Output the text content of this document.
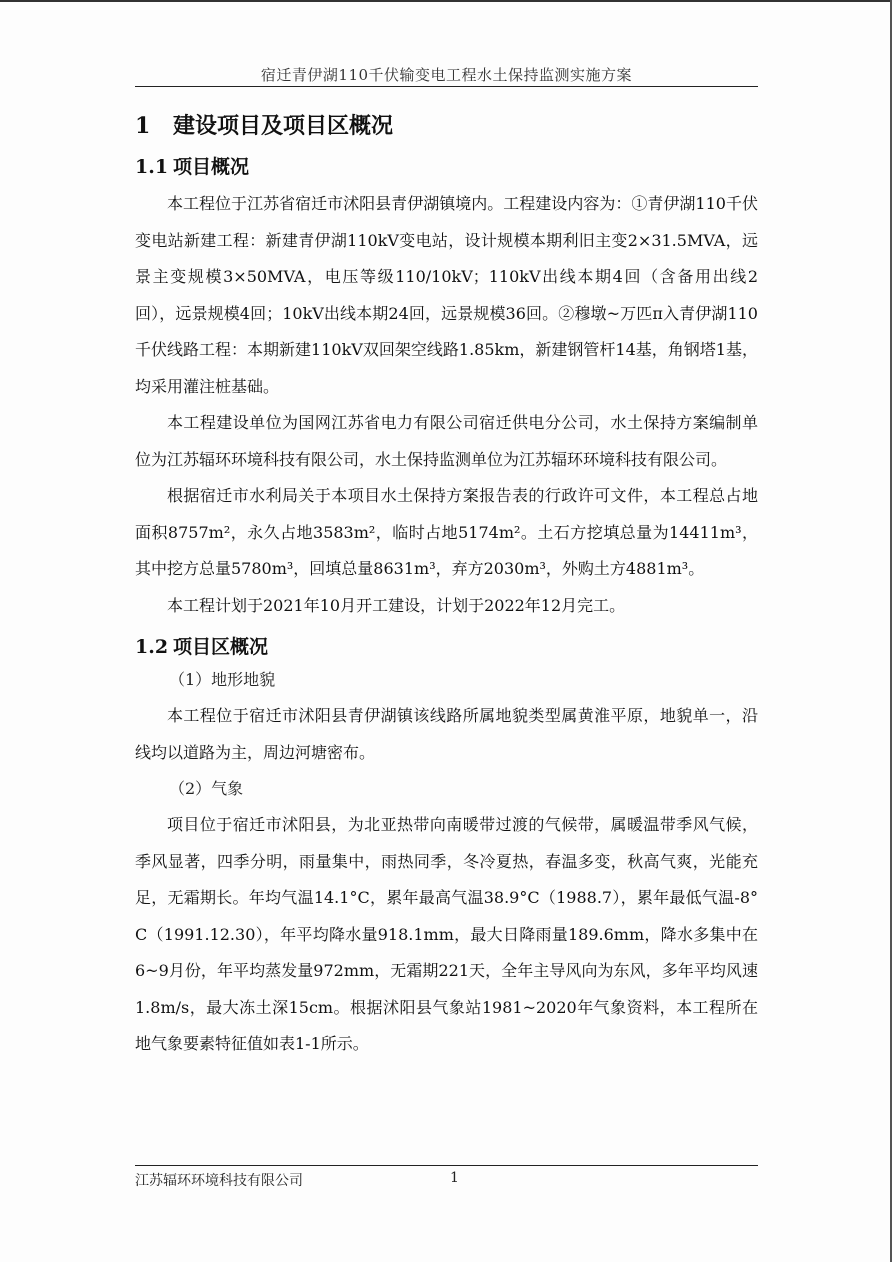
宿迁青伊湖110千伏输变电工程水土保持监测实施方案
1 建设项目及项目区概况
1.1 项目概况

本工程位于江苏省宿迁市沭阳县青伊湖镇境内。工程建设内容为：①青伊湖110千伏变电站新建工程：新建青伊湖110kV变电站，设计规模本期利旧主变2×31.5MVA，远景主变规模3×50MVA，电压等级110/10kV；110kV出线本期4回（含备用出线2回），远景规模4回；10kV出线本期24回，远景规模36回。②穆墩~万匹π入青伊湖110千伏线路工程：本期新建110kV双回架空线路1.85km，新建钢管杆14基，角钢塔1基，均采用灌注桩基础。

本工程建设单位为国网江苏省电力有限公司宿迁供电分公司，水土保持方案编制单位为江苏辐环环境科技有限公司，水土保持监测单位为江苏辐环环境科技有限公司。

根据宿迁市水利局关于本项目水土保持方案报告表的行政许可文件，本工程总占地面积8757m²，永久占地3583m²，临时占地5174m²。土石方挖填总量为14411m³，其中挖方总量5780m³，回填总量8631m³，弃方2030m³，外购土方4881m³。

本工程计划于2021年10月开工建设，计划于2022年12月完工。

1.2 项目区概况
（1）地形地貌

本工程位于宿迁市沭阳县青伊湖镇该线路所属地貌类型属黄淮平原，地貌单一，沿线均以道路为主，周边河塘密布。

（2）气象

项目位于宿迁市沭阳县，为北亚热带向南暖带过渡的气候带，属暖温带季风气候，季风显著，四季分明，雨量集中，雨热同季，冬冷夏热，春温多变，秋高气爽，光能充足，无霜期长。年均气温14.1°C，累年最高气温38.9°C（1988.7），累年最低气温-8°C（1991.12.30），年平均降水量918.1mm，最大日降雨量189.6mm，降水多集中在6~9月份，年平均蒸发量972mm，无霜期221天，全年主导风向为东风，多年平均风速1.8m/s，最大冻土深15cm。根据沭阳县气象站1981~2020年气象资料，本工程所在地气象要素特征值如表1-1所示。

江苏辐环环境科技有限公司	1
